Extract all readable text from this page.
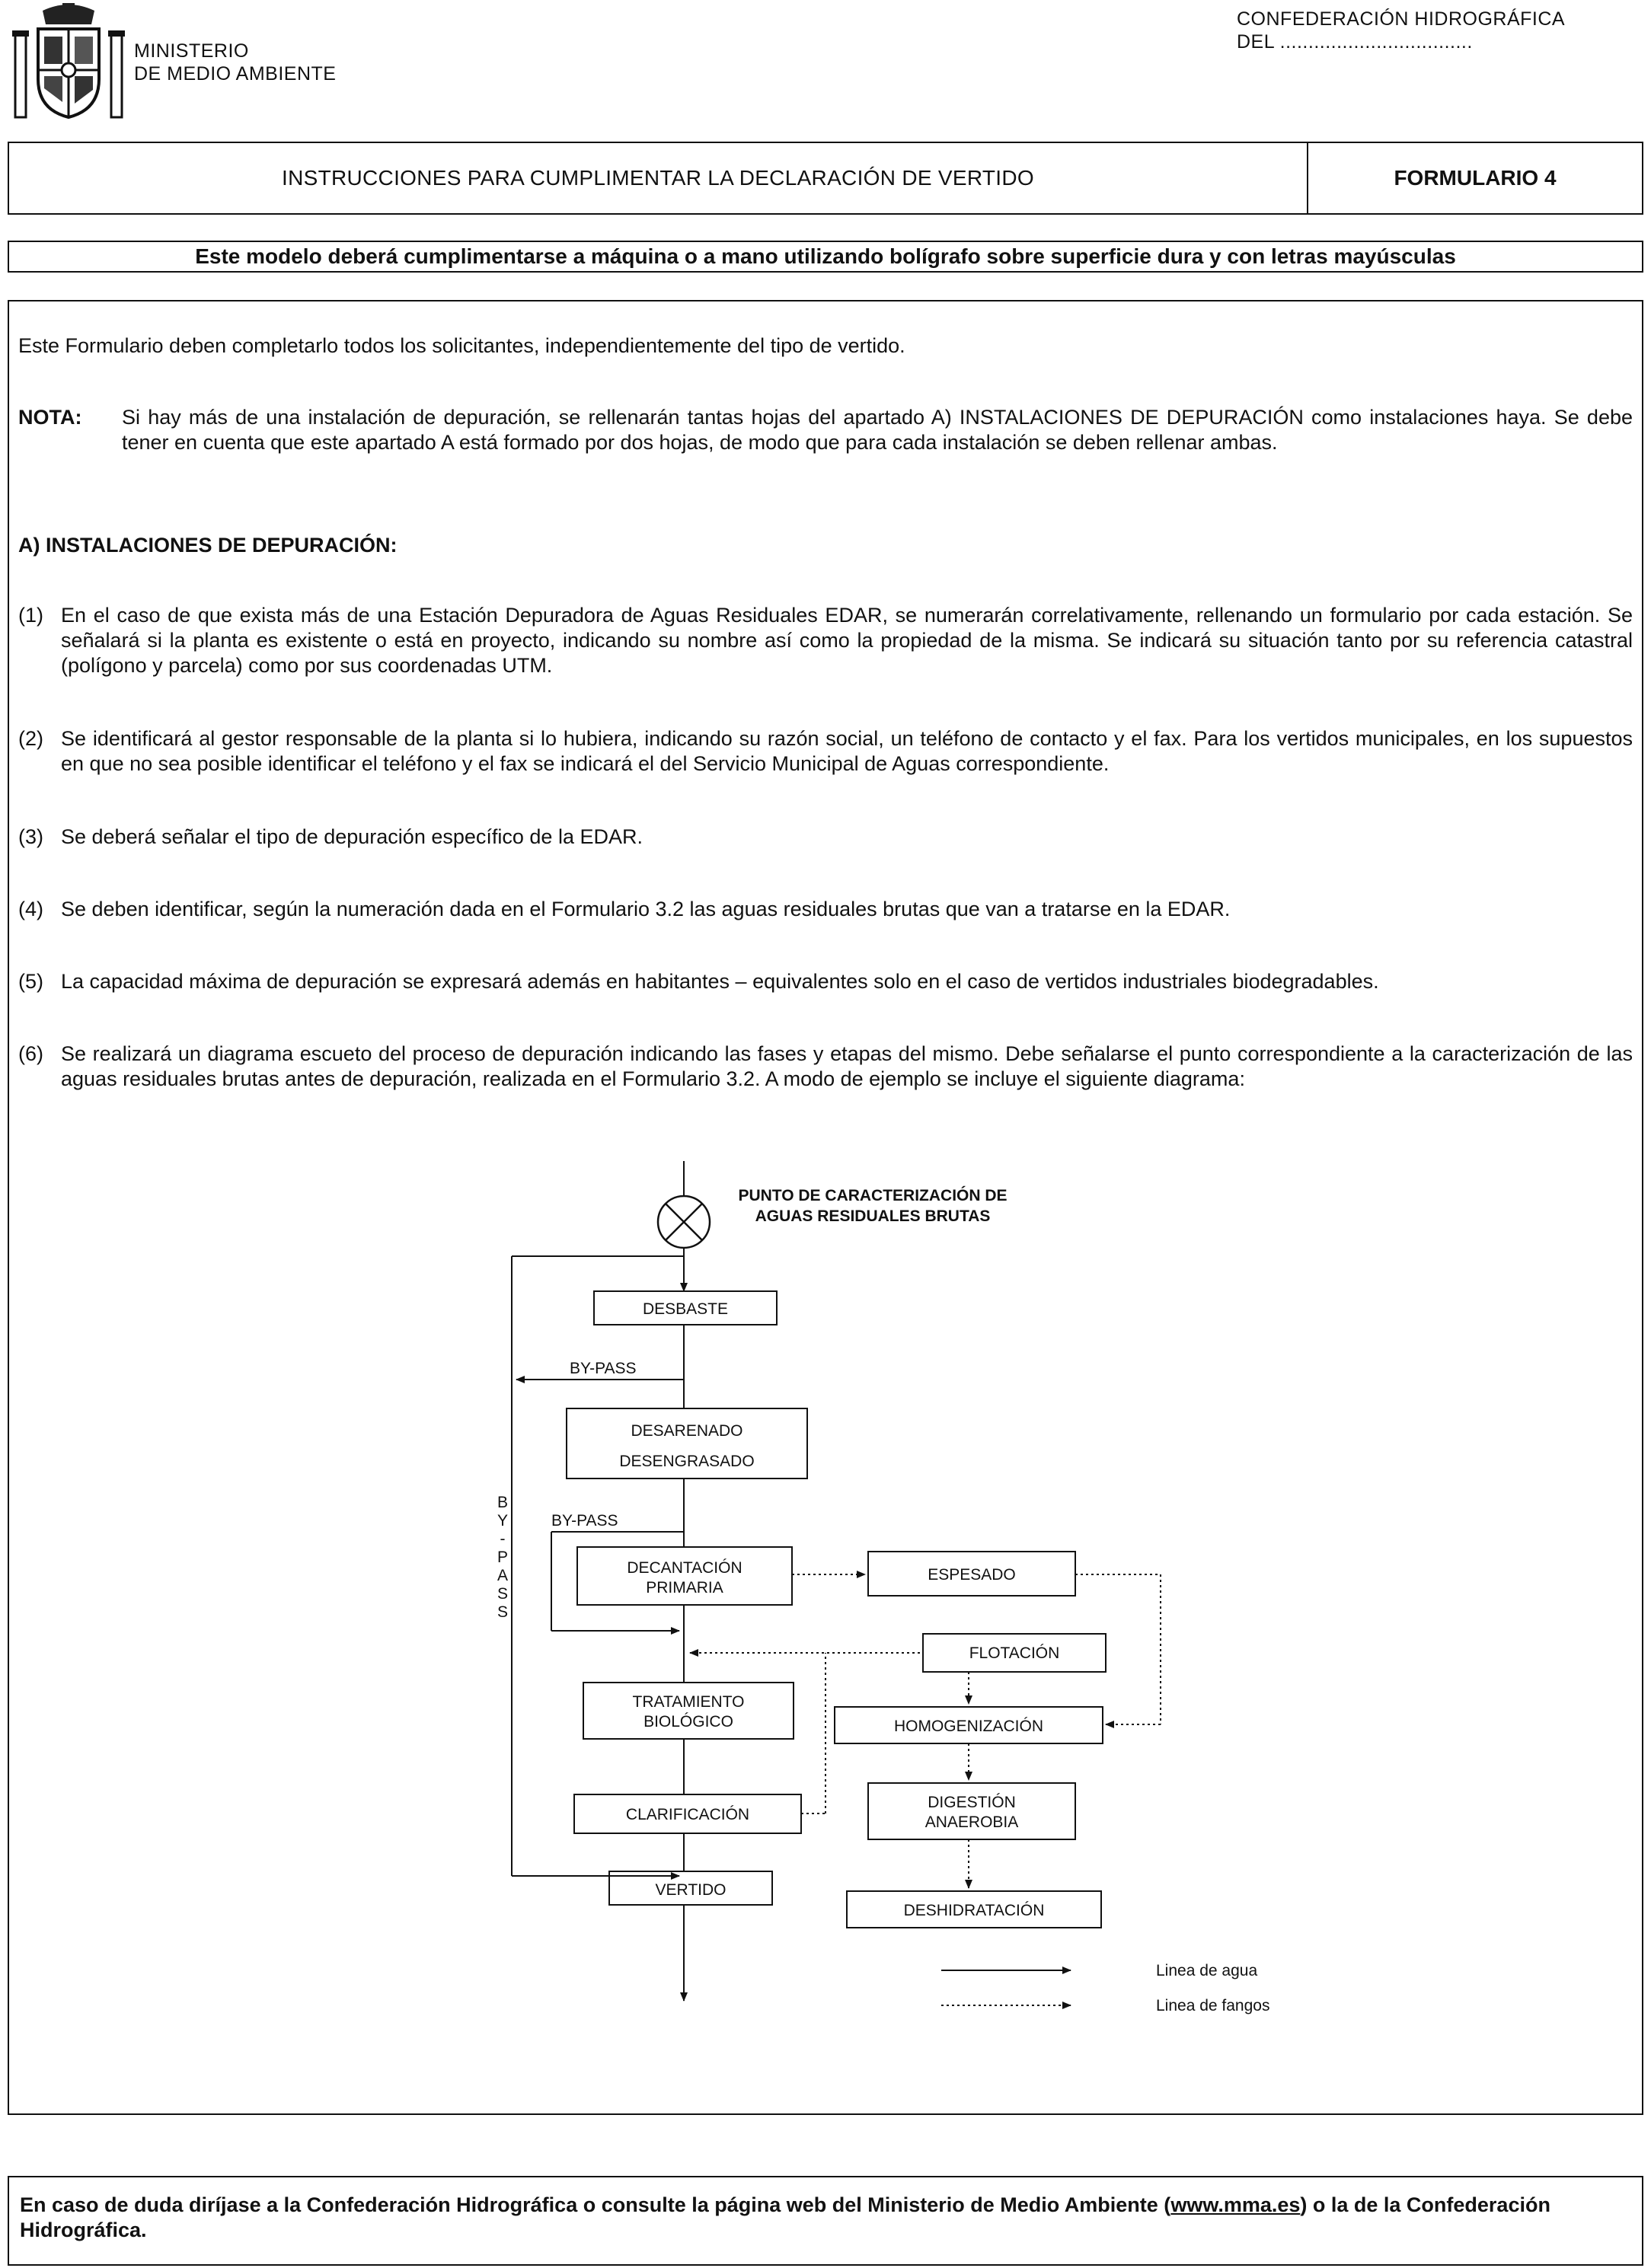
MINISTERIO
DE MEDIO AMBIENTE
CONFEDERACIÓN HIDROGRÁFICA
DEL ..................................
INSTRUCCIONES PARA CUMPLIMENTAR LA DECLARACIÓN DE VERTIDO	FORMULARIO 4
Este modelo deberá cumplimentarse a máquina o a mano utilizando bolígrafo sobre superficie dura y con letras mayúsculas
Este Formulario deben completarlo todos los solicitantes, independientemente del tipo de vertido.
NOTA: Si hay más de una instalación de depuración, se rellenarán tantas hojas del apartado A) INSTALACIONES DE DEPURACIÓN como instalaciones haya. Se debe tener en cuenta que este apartado A está formado por dos hojas, de modo que para cada instalación se deben rellenar ambas.
A) INSTALACIONES DE DEPURACIÓN:
(1) En el caso de que exista más de una Estación Depuradora de Aguas Residuales EDAR, se numerarán correlativamente, rellenando un formulario por cada estación. Se señalará si la planta es existente o está en proyecto, indicando su nombre así como la propiedad de la misma. Se indicará su situación tanto por su referencia catastral (polígono y parcela) como por sus coordenadas UTM.
(2) Se identificará al gestor responsable de la planta si lo hubiera, indicando su razón social, un teléfono de contacto y el fax. Para los vertidos municipales, en los supuestos en que no sea posible identificar el teléfono y el fax se indicará el del Servicio Municipal de Aguas correspondiente.
(3) Se deberá señalar el tipo de depuración específico de la EDAR.
(4) Se deben identificar, según la numeración dada en el Formulario 3.2 las aguas residuales brutas que van a tratarse en la EDAR.
(5) La capacidad máxima de depuración se expresará además en habitantes – equivalentes solo en el caso de vertidos industriales biodegradables.
(6) Se realizará un diagrama escueto del proceso de depuración indicando las fases y etapas del mismo. Debe señalarse el punto correspondiente a la caracterización de las aguas residuales brutas antes de depuración, realizada en el Formulario 3.2. A modo de ejemplo se incluye el siguiente diagrama:
PUNTO DE CARACTERIZACIÓN DE
AGUAS RESIDUALES BRUTAS
DESBASTE
DESARENADO
DESENGRASADO
DECANTACIÓN
PRIMARIA
ESPESADO
FLOTACIÓN
TRATAMIENTO
BIOLÓGICO	HOMOGENIZACIÓN
CLARIFICACIÓN
DIGESTIÓN
ANAEROBIA
VERTIDO
DESHIDRATACIÓN
BY-PASS
BY-PASS
Linea de agua
Linea de fangos
B
Y
-
P
A
S
S
En caso de duda diríjase a la Confederación Hidrográfica o consulte la página web del Ministerio de Medio Ambiente (www.mma.es) o la de la Confederación Hidrográfica.
